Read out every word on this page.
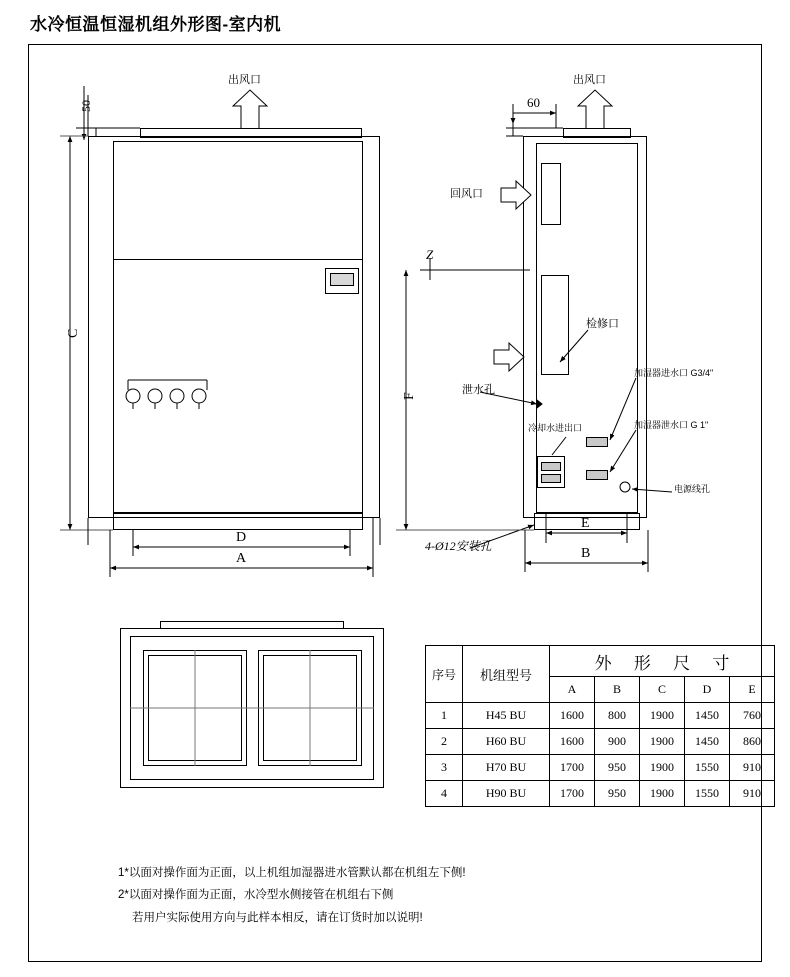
水冷恒温恒湿机组外形图-室内机
出风口
50
C
D
A
出风口
60
回风口
Z
F
检修口
泄水孔
冷却水进出口
加湿器进水口 G3/4"
加湿器泄水口 G 1"
电源线孔
4-Ø12安装孔
E
B
序号	机组型号	外 形 尺 寸				
		A	B	C	D	E
1	H45 BU	1600	800	1900	1450	760
2	H60 BU	1600	900	1900	1450	860
3	H70 BU	1700	950	1900	1550	910
4	H90 BU	1700	950	1900	1550	910
1*以面对操作面为正面，以上机组加湿器进水管默认都在机组左下侧!
2*以面对操作面为正面，水冷型水侧接管在机组右下侧
若用户实际使用方向与此样本相反，请在订货时加以说明!
